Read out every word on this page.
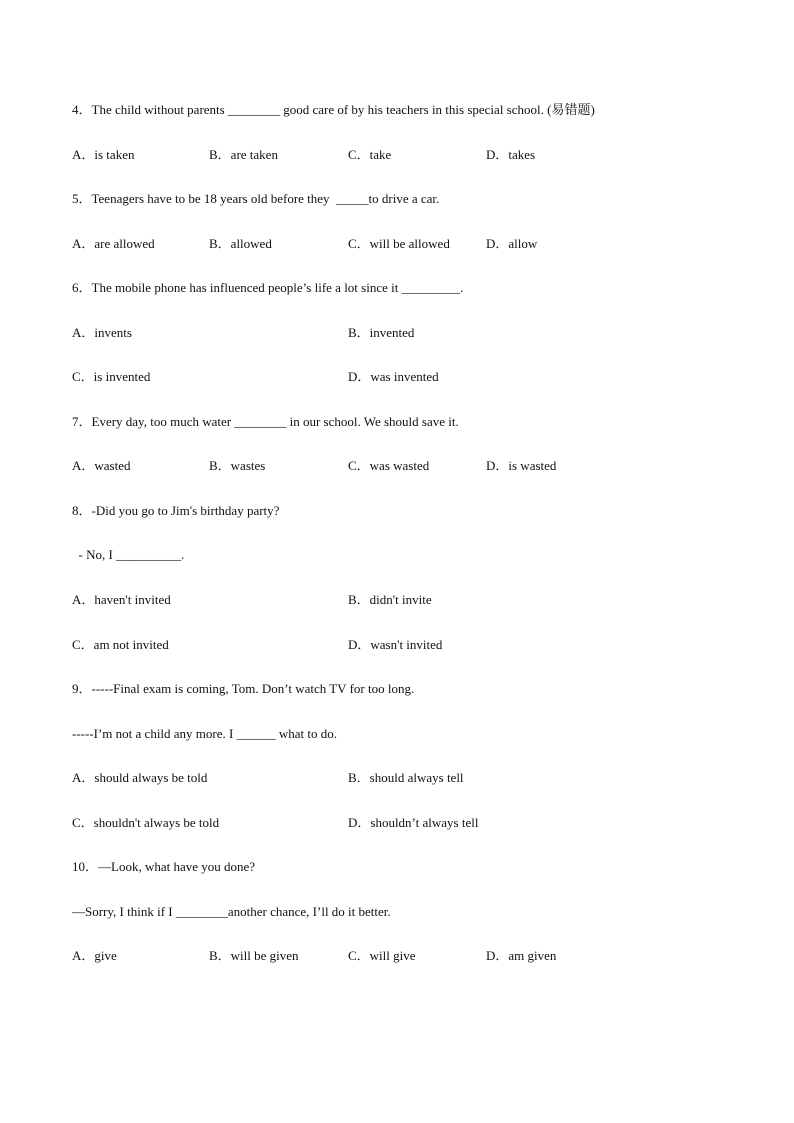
4．The child without parents ________ good care of by his teachers in this special school. (易错题)
A．is taken	B．are taken	C．take	D．takes
5．Teenagers have to be 18 years old before they  _____to drive a car.
A．are allowed	B．allowed	C．will be allowed	D．allow
6．The mobile phone has influenced people’s life a lot since it _________.
A．invents	B．invented
C．is invented	D．was invented
7．Every day, too much water ________ in our school. We should save it.
A．wasted	B．wastes	C．was wasted	D．is wasted
8．-Did you go to Jim's birthday party?
- No, I __________.
A．haven't invited	B．didn't invite
C．am not invited	D．wasn't invited
9．-----Final exam is coming, Tom. Don’t watch TV for too long.
-----I’m not a child any more. I ______ what to do.
A．should always be told	B．should always tell
C．shouldn't always be told	D．shouldn’t always tell
10．—Look, what have you done?
—Sorry, I think if I ________another chance, I’ll do it better.
A．give	B．will be given	C．will give	D．am given
